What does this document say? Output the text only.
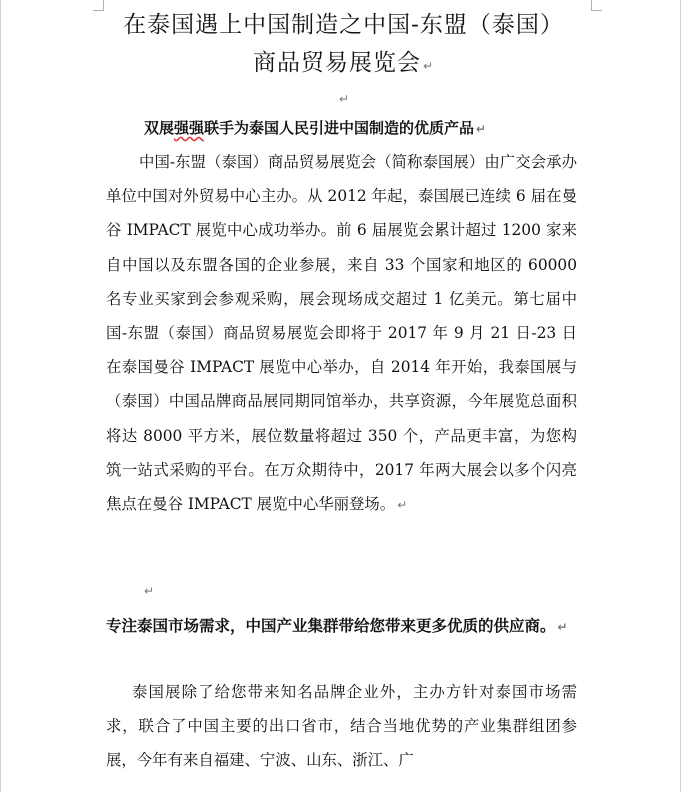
在泰国遇上中国制造之中国-东盟（泰国）
商品贸易展览会 ↵
↵
双展强强联手为泰国人民引进中国制造的优质产品 ↵
中国-东盟（泰国）商品贸易展览会（简称泰国展）由广交会承办单位中国对外贸易中心主办。从 2012 年起，泰国展已连续 6 届在曼谷 IMPACT 展览中心成功举办。前 6 届展览会累计超过 1200 家来自中国以及东盟各国的企业参展，来自 33 个国家和地区的 60000 名专业买家到会参观采购，展会现场成交超过 1 亿美元。第七届中国-东盟（泰国）商品贸易展览会即将于 2017 年 9 月 21 日-23 日在泰国曼谷 IMPACT 展览中心举办，自 2014 年开始，我泰国展与（泰国）中国品牌商品展同期同馆举办，共享资源，今年展览总面积将达 8000 平方米，展位数量将超过 350 个，产品更丰富，为您构筑一站式采购的平台。在万众期待中，2017 年两大展会以多个闪亮焦点在曼谷 IMPACT 展览中心华丽登场。 ↵
↵
专注泰国市场需求，中国产业集群带给您带来更多优质的供应商。 ↵
泰国展除了给您带来知名品牌企业外，主办方针对泰国市场需求，联合了中国主要的出口省市，结合当地优势的产业集群组团参展，今年有来自福建、宁波、山东、浙江、广
